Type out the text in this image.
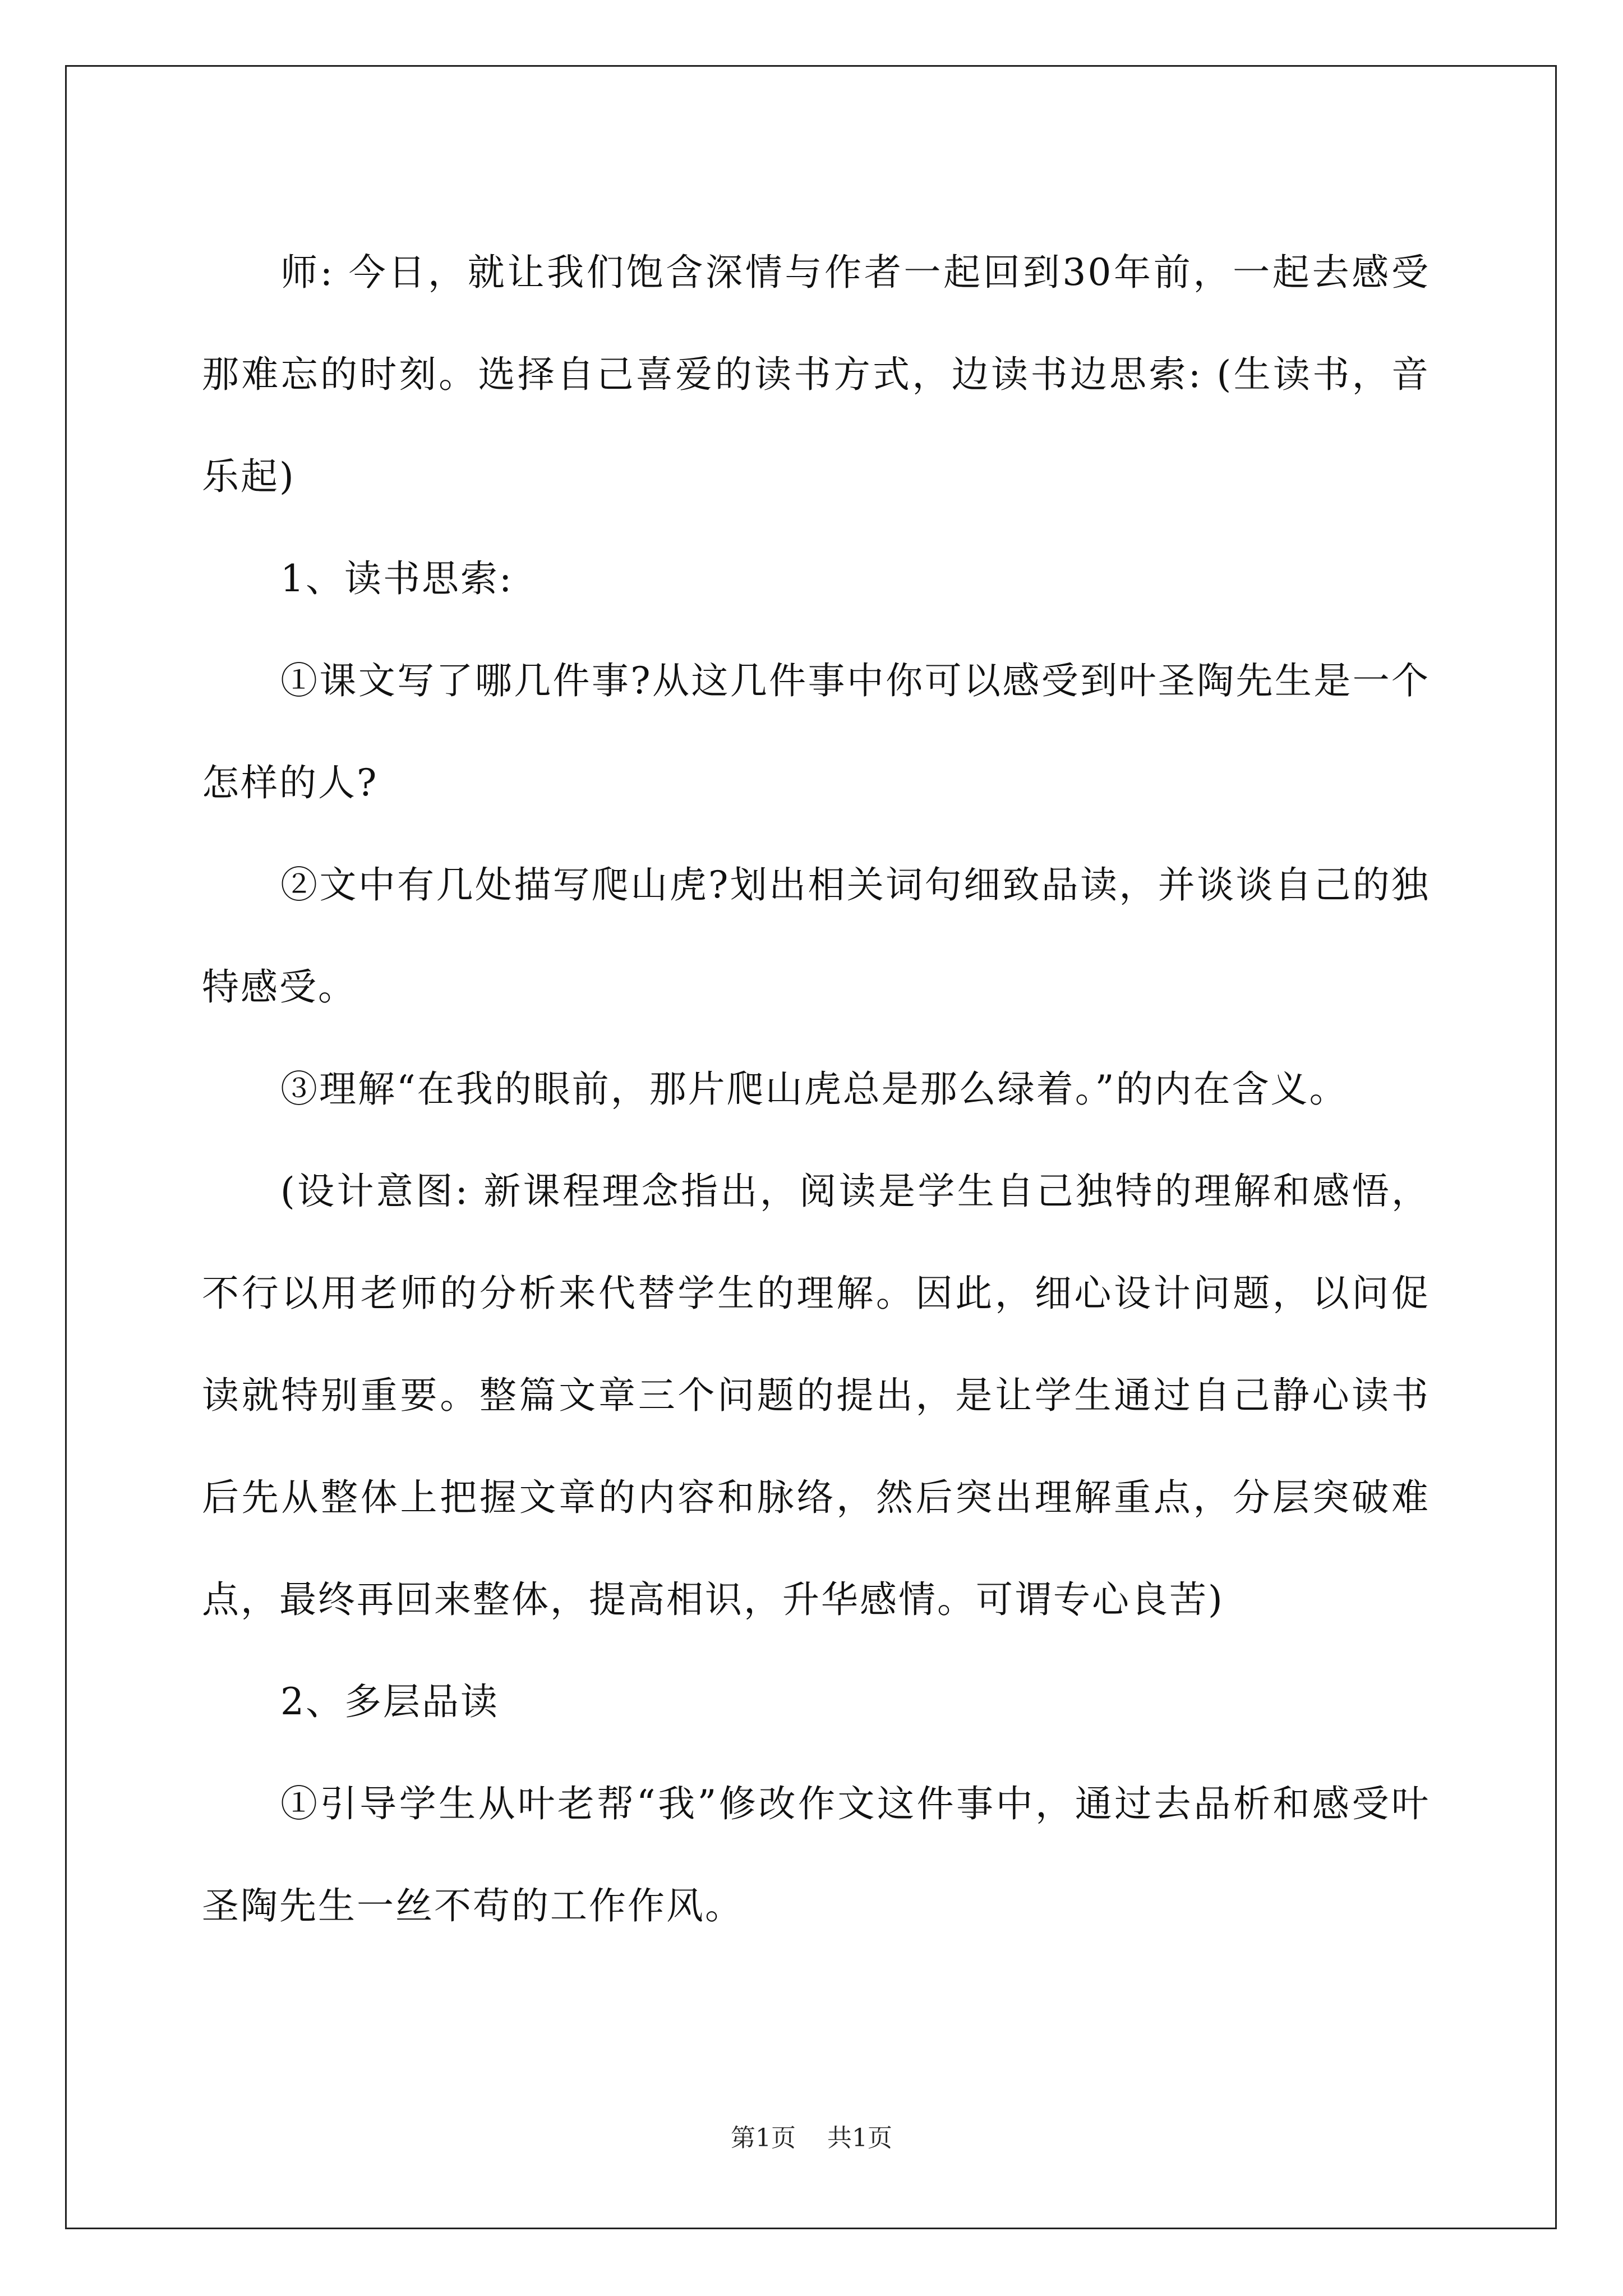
师: 今日，就让我们饱含深情与作者一起回到30年前，一起去感受那难忘的时刻。选择自己喜爱的读书方式，边读书边思索: (生读书，音乐起)

1、读书思索:

①课文写了哪几件事?从这几件事中你可以感受到叶圣陶先生是一个怎样的人?

②文中有几处描写爬山虎?划出相关词句细致品读，并谈谈自己的独特感受。

③理解“在我的眼前，那片爬山虎总是那么绿着。”的内在含义。

(设计意图: 新课程理念指出，阅读是学生自己独特的理解和感悟，不行以用老师的分析来代替学生的理解。因此，细心设计问题，以问促读就特别重要。整篇文章三个问题的提出，是让学生通过自己静心读书后先从整体上把握文章的内容和脉络，然后突出理解重点，分层突破难点，最终再回来整体，提高相识，升华感情。可谓专心良苦)

2、多层品读

①引导学生从叶老帮“我”修改作文这件事中，通过去品析和感受叶圣陶先生一丝不苟的工作作风。

第1页 共1页
